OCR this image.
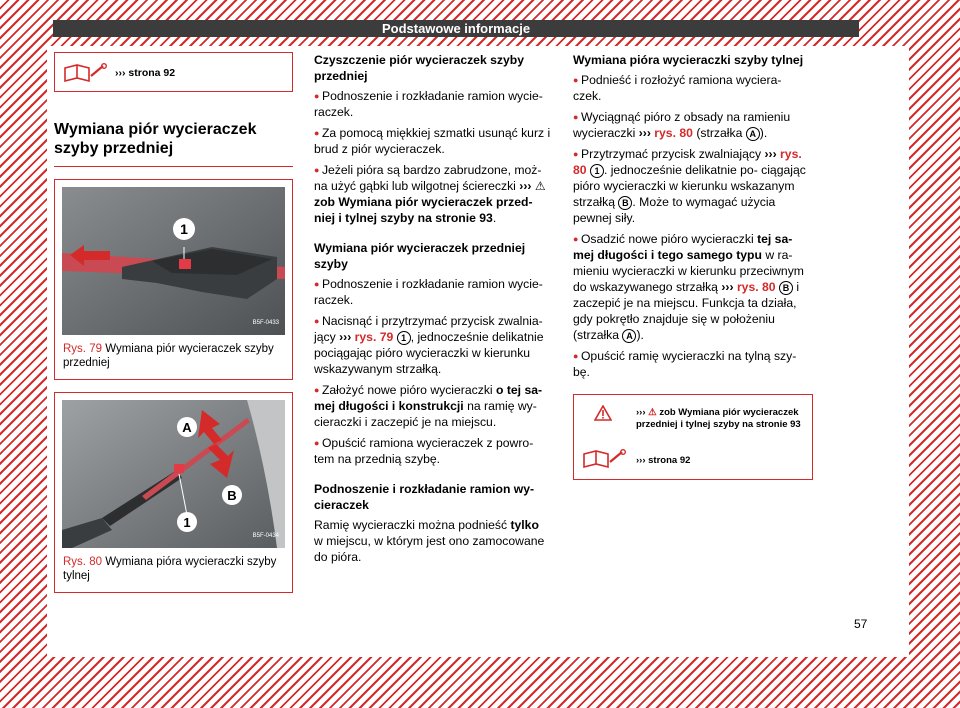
Podstawowe informacje
››› strona 92
Wymiana piór wycieraczek szyby przedniej
1
B5F-0433
Rys. 79 Wymiana piór wycieraczek szyby przedniej
A
B
1
B5F-0434
Rys. 80 Wymiana pióra wycieraczki szyby tylnej
Czyszczenie piór wycieraczek szyby przedniej

● Podnoszenie i rozkładanie ramion wycie- raczek.

● Za pomocą miękkiej szmatki usunąć kurz i brud z piór wycieraczek.

● Jeżeli pióra są bardzo zabrudzone, moż- na użyć gąbki lub wilgotnej ściereczki ››› ⚠ zob Wymiana piór wycieraczek przed- niej i tylnej szyby na stronie 93.

Wymiana piór wycieraczek przedniej szyby

● Podnoszenie i rozkładanie ramion wycie- raczek.

● Nacisnąć i przytrzymać przycisk zwalnia- jący ››› rys. 79 1 , jednocześnie delikatnie pociągając pióro wycieraczki w kierunku wskazywanym strzałką.

● Założyć nowe pióro wycieraczki o tej sa- mej długości i konstrukcji na ramię wy- cieraczki i zaczepić je na miejscu.

● Opuścić ramiona wycieraczek z powro- tem na przednią szybę.

Podnoszenie i rozkładanie ramion wy- cieraczek

Ramię wycieraczki można podnieść tylko w miejscu, w którym jest ono zamocowane do pióra.

Wymiana pióra wycieraczki szyby tylnej

● Podnieść i rozłożyć ramiona wyciera- czek.

● Wyciągnąć pióro z obsady na ramieniu wycieraczki ››› rys. 80 (strzałka A ).

● Przytrzymać przycisk zwalniający ››› rys. 80 1 . jednocześnie delikatnie po- ciągając pióro wycieraczki w kierunku wskazanym strzałką B . Może to wymagać użycia pewnej siły.

● Osadzić nowe pióro wycieraczki tej sa- mej długości i tego samego typu w ra- mieniu wycieraczki w kierunku przeciwnym do wskazywanego strzałką ››› rys. 80 B i zaczepić je na miejscu. Funkcja ta działa, gdy pokrętło znajduje się w położeniu (strzałka A ).

● Opuścić ramię wycieraczki na tylną szy- bę.

››› ⚠ zob Wymiana piór wycieraczek przedniej i tylnej szyby na stronie 93
››› strona 92
57
